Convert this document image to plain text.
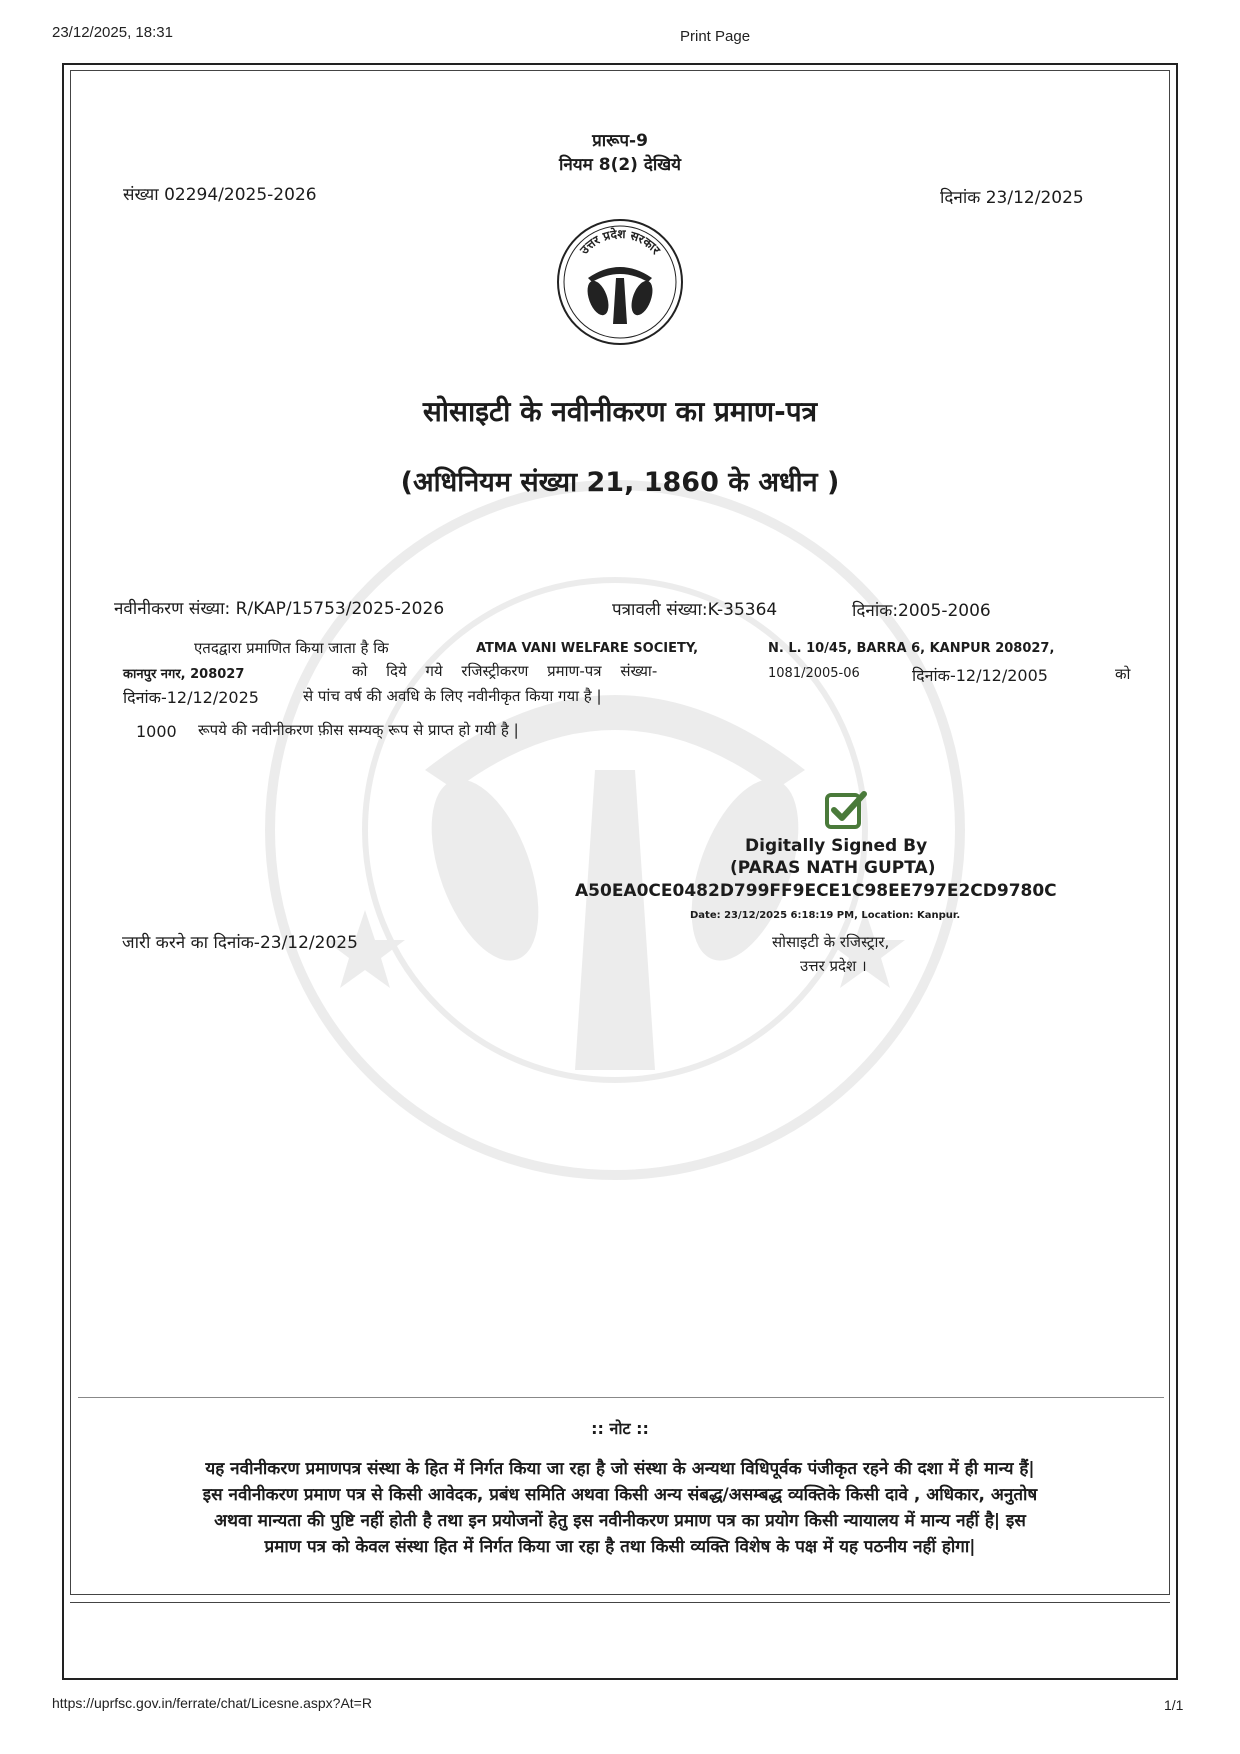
23/12/2025, 18:31	Print Page
प्रारूप-9
नियम 8(2) देखिये
संख्या 02294/2025-2026	दिनांक 23/12/2025
उत्तर प्रदेश सरकार
सोसाइटी के नवीनीकरण का प्रमाण-पत्र
(अधिनियम संख्या 21, 1860 के अधीन )
नवीनीकरण संख्या: R/KAP/15753/2025-2026	पत्रावली संख्या:K-35364	दिनांक:2005-2006
एतदद्वारा प्रमाणित किया जाता है कि	ATMA VANI WELFARE SOCIETY,	N. L. 10/45, BARRA 6, KANPUR 208027,
कानपुर नगर, 208027	को दिये गये रजिस्ट्रीकरण प्रमाण-पत्र संख्या-	1081/2005-06	दिनांक-12/12/2005	को
दिनांक-12/12/2025	से पांच वर्ष की अवधि के लिए नवीनीकृत किया गया है |
1000 रूपये की नवीनीकरण फ़ीस सम्यक् रूप से प्राप्त हो गयी है |
Digitally Signed By
(PARAS NATH GUPTA)
A50EA0CE0482D799FF9ECE1C98EE797E2CD9780C
Date: 23/12/2025 6:18:19 PM, Location: Kanpur.
जारी करने का दिनांक-23/12/2025	सोसाइटी के रजिस्ट्रार,
उत्तर प्रदेश ।
:: नोट ::
यह नवीनीकरण प्रमाणपत्र संस्था के हित में निर्गत किया जा रहा है जो संस्था के अन्यथा विधिपूर्वक पंजीकृत रहने की दशा में ही मान्य हैं|
इस नवीनीकरण प्रमाण पत्र से किसी आवेदक, प्रबंध समिति अथवा किसी अन्य संबद्ध/असम्बद्ध व्यक्तिके किसी दावे , अधिकार, अनुतोष
अथवा मान्यता की पुष्टि नहीं होती है तथा इन प्रयोजनों हेतु इस नवीनीकरण प्रमाण पत्र का प्रयोग किसी न्यायालय में मान्य नहीं है| इस
प्रमाण पत्र को केवल संस्था हित में निर्गत किया जा रहा है तथा किसी व्यक्ति विशेष के पक्ष में यह पठनीय नहीं होगा|
https://uprfsc.gov.in/ferrate/chat/Licesne.aspx?At=R	1/1
